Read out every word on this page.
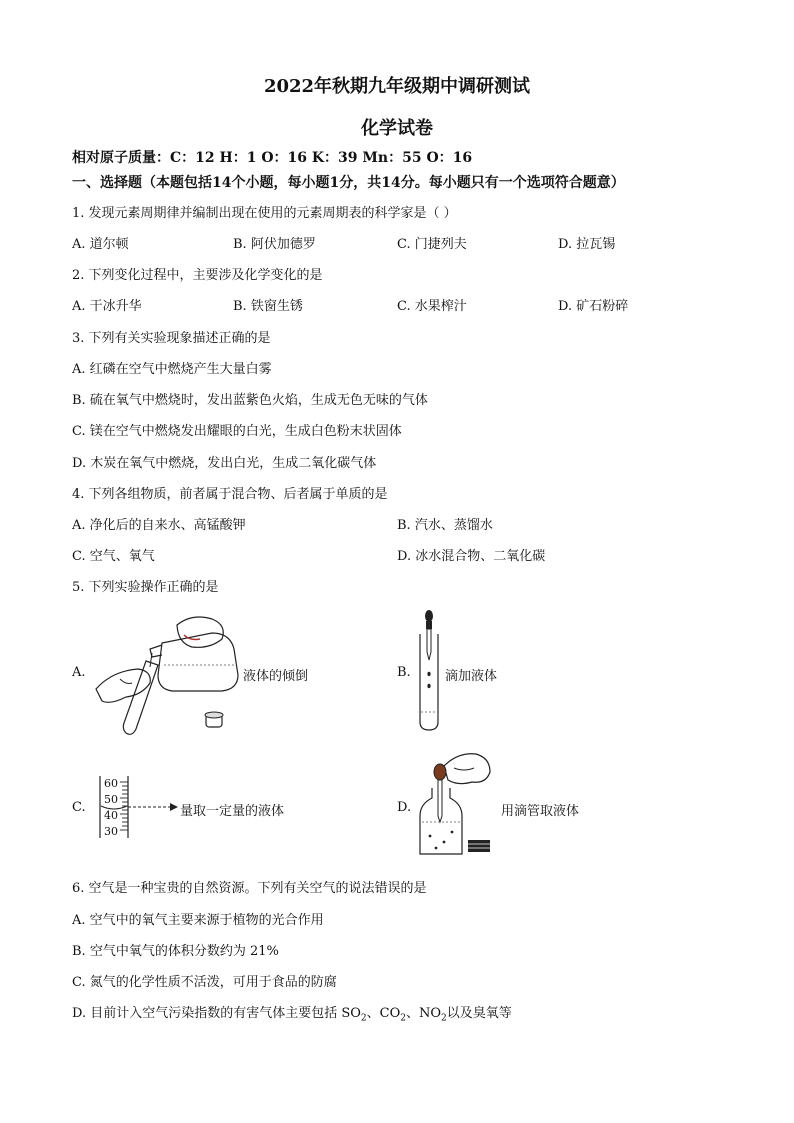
2022年秋期九年级期中调研测试
化学试卷
相对原子质量：C：12 H：1 O：16 K：39 Mn：55 O：16
一、选择题（本题包括14个小题，每小题1分，共14分。每小题只有一个选项符合题意）
1. 发现元素周期律并编制出现在使用的元素周期表的科学家是（ ）
A. 道尔顿	B. 阿伏加德罗	C. 门捷列夫	D. 拉瓦锡
2. 下列变化过程中，主要涉及化学变化的是
A. 干冰升华	B. 铁窗生锈	C. 水果榨汁	D. 矿石粉碎
3. 下列有关实验现象描述正确的是
A. 红磷在空气中燃烧产生大量白雾
B. 硫在氧气中燃烧时，发出蓝紫色火焰，生成无色无味的气体
C. 镁在空气中燃烧发出耀眼的白光，生成白色粉末状固体
D. 木炭在氧气中燃烧，发出白光，生成二氧化碳气体
4. 下列各组物质，前者属于混合物、后者属于单质的是
A. 净化后的自来水、高锰酸钾	B. 汽水、蒸馏水
C. 空气、氧气	D. 冰水混合物、二氧化碳
5. 下列实验操作正确的是
A.	液体的倾倒	B.	滴加液体
C.
60
50
40
30
量取一定量的液体	D.	用滴管取液体
6. 空气是一种宝贵的自然资源。下列有关空气的说法错误的是
A. 空气中的氧气主要来源于植物的光合作用
B. 空气中氧气的体积分数约为 21%
C. 氮气的化学性质不活泼，可用于食品的防腐
D. 目前计入空气污染指数的有害气体主要包括 $SO_2$、$CO_2$、$NO_2$以及臭氧等
